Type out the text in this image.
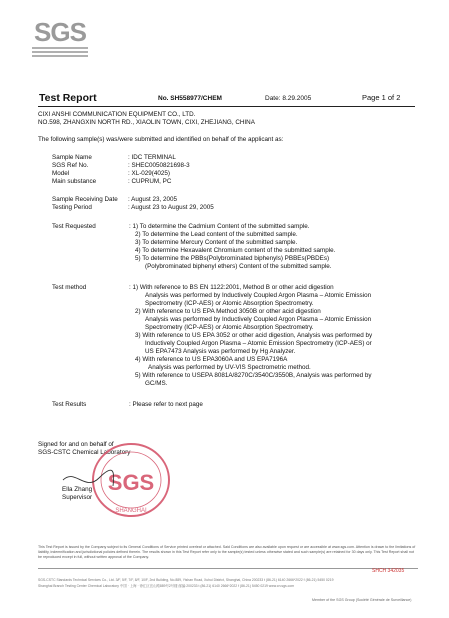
SGS
Test Report	No. SH558977/CHEM	Date: 8.29.2005	Page 1 of 2
CIXI ANSHI COMMUNICATION EQUIPMENT CO., LTD.
NO.598, ZHANGXIN NORTH RD., XIAOLIN TOWN, CIXI, ZHEJIANG, CHINA
The following sample(s) was/were submitted and identified on behalf of the applicant as:
Sample Name	: IDC TERMINAL
SGS Ref No.	: SHEC0050821698-3
Model	: XL-029(4025)
Main substance	: CUPRUM, PC
Sample Receiving Date : August 23, 2005
Testing Period	: August 23 to August 29, 2005
Test Requested	: 1) To determine the Cadmium Content of the submitted sample.
2) To determine the Lead content of the submitted sample.
3) To determine Mercury Content of the submitted sample.
4) To determine Hexavalent Chromium content of the submitted sample.
5) To determine the PBBs(Polybrominated biphenyls) PBBEs(PBDEs)
(Polybrominated biphenyl ethers) Content of the submitted sample.
Test method	: 1) With reference to BS EN 1122:2001, Method B or other acid digestion
Analysis was performed by Inductively Coupled Argon Plasma – Atomic Emission
Spectrometry (ICP-AES) or Atomic Absorption Spectrometry.
2) With reference to US EPA Method 3050B or other acid digestion
Analysis was performed by Inductively Coupled Argon Plasma – Atomic Emission
Spectrometry (ICP-AES) or Atomic Absorption Spectrometry.
3) With reference to US EPA 3052 or other acid digestion, Analysis was performed by
Inductively Coupled Argon Plasma – Atomic Emission Spectrometry (ICP-AES) or
US EPA7473 Analysis was performed by Hg Analyzer.
4) With reference to US EPA3060A and US EPA7196A
Analysis was performed by UV-VIS Spectrometric method.
5) With reference to USEPA 8081A/8270C/3540C/3550B, Analysis was performed by
GC/MS.
Test Results	: Please refer to next page
Signed for and on behalf of
SGS-CSTC Chemical Laboratory
SGS
SHANGHAI
Ella Zhang
Supervisor
This Test Report is issued by the Company subject to its General Conditions of Service printed overleaf or attached. Said Conditions are also available upon request or are accessible at www.sgs.com. Attention is drawn to the limitations of liability, indemnification and jurisdictional policies defined therein. The results shown in this Test Report refer only to the sample(s) tested unless otherwise stated and such sample(s) are retained for 30 days only. This Test Report shall not be reproduced except in full, without written approval of the Company.
SHCH 342035
SGS-CSTC Standards Technical Services Co., Ltd. 3/F, 5/F, 7/F, 8/F, 10/F, 2nd Building, No.889, Yishan Road, Xuhui District, Shanghai, China 200233 t (86-21) 6140 2666*2022 f (86-21) 5450 0219
Shanghai Branch Testing Center Chemical Laboratory 中国 · 上海 · 徐汇区宜山路889号2号楼 邮编:200233 t (86-21) 6140 2666*2022 f (86-21) 5450 0219 www.cn.sgs.com
Member of the SGS Group (Société Générale de Surveillance)
